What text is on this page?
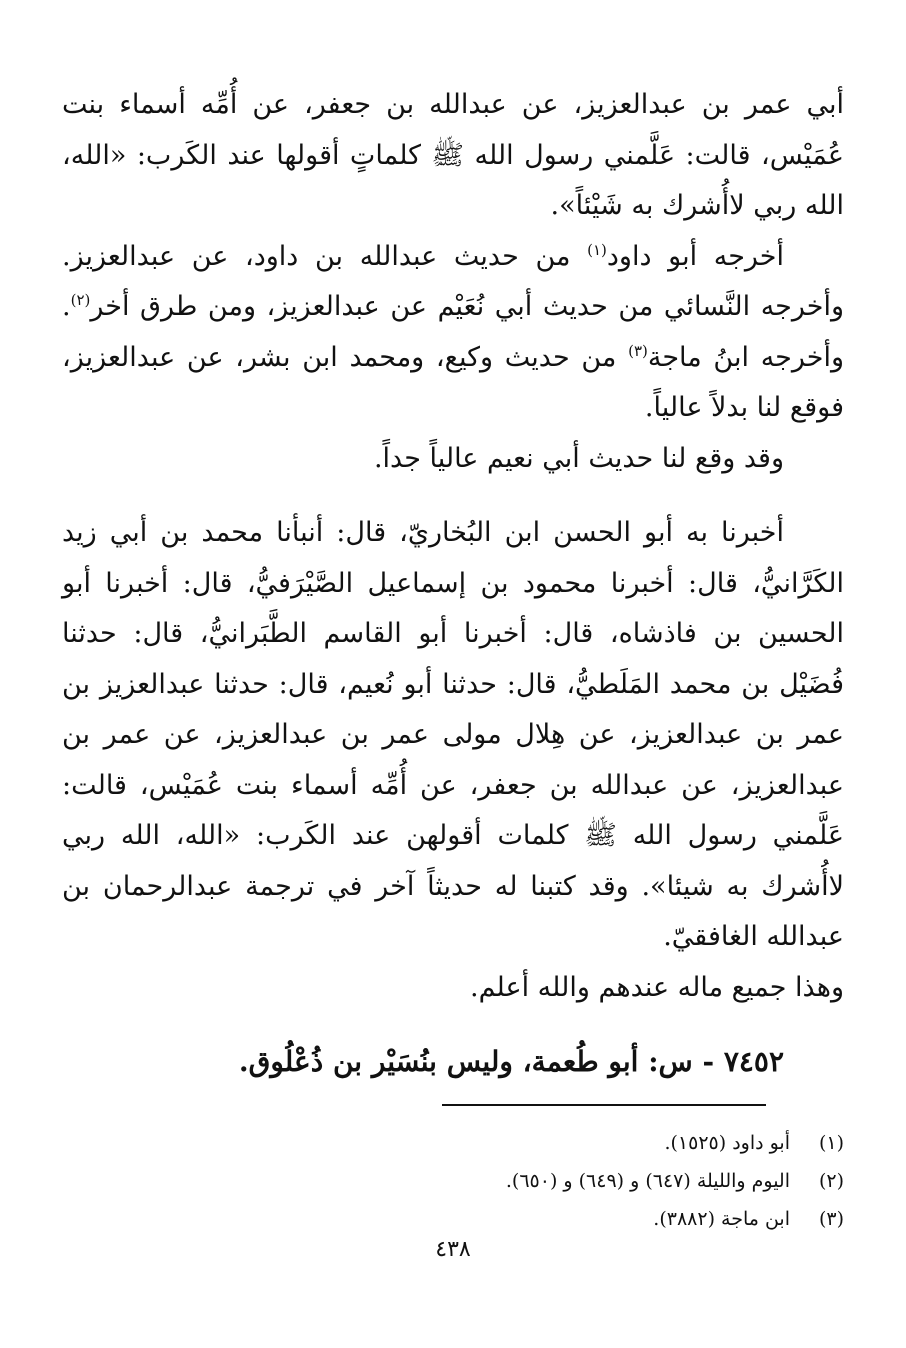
أبي عمر بن عبدالعزيز، عن عبدالله بن جعفر، عن أُمِّه أسماء بنت عُمَيْس، قالت: عَلَّمني رسول الله ﷺ كلماتٍ أقولها عند الكَرب: «الله، الله ربي لاأُشرك به شَيْئاً».

أخرجه أبو داود$^{(١)}$ من حديث عبدالله بن داود، عن عبدالعزيز. وأخرجه النَّسائي من حديث أبي نُعَيْم عن عبدالعزيز، ومن طرق أخر$^{(٢)}$. وأخرجه ابنُ ماجة$^{(٣)}$ من حديث وكيع، ومحمد ابن بشر، عن عبدالعزيز، فوقع لنا بدلاً عالياً.

وقد وقع لنا حديث أبي نعيم عالياً جداً.

أخبرنا به أبو الحسن ابن البُخاريّ، قال: أنبأنا محمد بن أبي زيد الكَرَّانيُّ، قال: أخبرنا محمود بن إسماعيل الصَّيْرَفيُّ، قال: أخبرنا أبو الحسين بن فاذشاه، قال: أخبرنا أبو القاسم الطَّبَرانيُّ، قال: حدثنا فُضَيْل بن محمد المَلَطيُّ، قال: حدثنا أبو نُعيم، قال: حدثنا عبدالعزيز بن عمر بن عبدالعزيز، عن هِلال مولى عمر بن عبدالعزيز، عن عمر بن عبدالعزيز، عن عبدالله بن جعفر، عن أُمِّه أسماء بنت عُمَيْس، قالت: عَلَّمني رسول الله ﷺ كلمات أقولهن عند الكَرب: «الله، الله ربي لاأُشرك به شيئا». وقد كتبنا له حديثاً آخر في ترجمة عبدالرحمان بن عبدالله الغافقيّ.

وهذا جميع ماله عندهم والله أعلم.

٧٤٥٢ - س: أبو طُعمة، وليس بنُسَيْر بن ذُعْلُوق.

(١)أبو داود (١٥٢٥).

(٢)اليوم والليلة (٦٤٧) و (٦٤٩) و (٦٥٠).

(٣)ابن ماجة (٣٨٨٢).

٤٣٨
